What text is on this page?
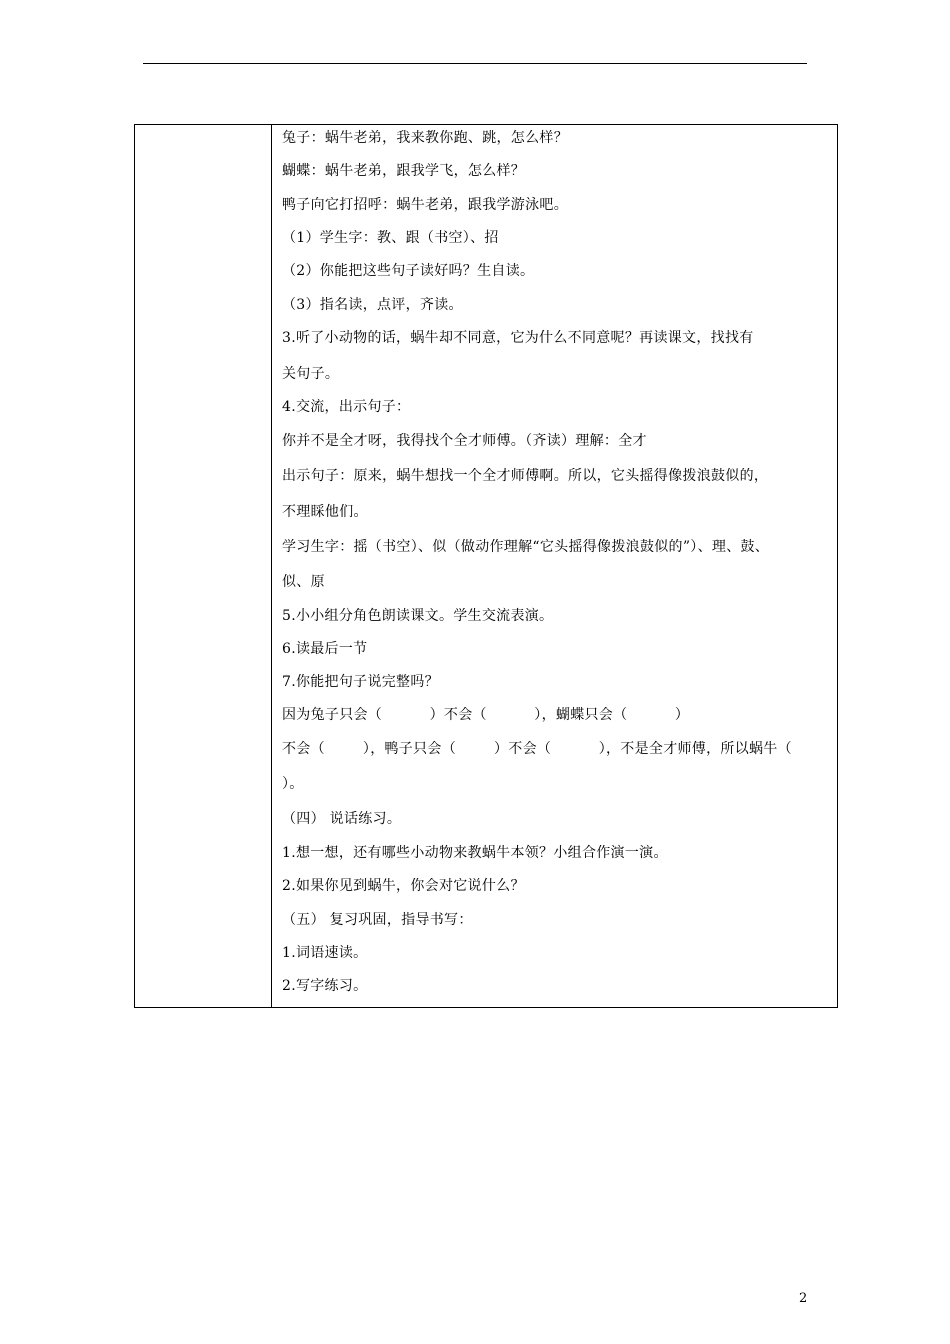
兔子：蜗牛老弟，我来教你跑、跳，怎么样？
蝴蝶：蜗牛老弟，跟我学飞，怎么样？
鸭子向它打招呼：蜗牛老弟，跟我学游泳吧。
（1）学生字：教、跟（书空）、招
（2）你能把这些句子读好吗？生自读。
（3）指名读，点评，齐读。
3.听了小动物的话，蜗牛却不同意，它为什么不同意呢？再读课文，找找有
关句子。
4.交流，出示句子：
你并不是全才呀，我得找个全才师傅。（齐读）理解：全才
出示句子：原来，蜗牛想找一个全才师傅啊。所以，它头摇得像拨浪鼓似的，
不理睬他们。
学习生字：摇（书空）、似（做动作理解“它头摇得像拨浪鼓似的”）、理、鼓、
似、原
5.小小组分角色朗读课文。学生交流表演。
6.读最后一节
7.你能把句子说完整吗？
因为兔子只会（          ）不会（          ），蝴蝶只会（          ）
不会（        ），鸭子只会（        ）不会（          ），不是全才师傅，所以蜗牛（
）。
（四） 说话练习。
1.想一想，还有哪些小动物来教蜗牛本领？小组合作演一演。
2.如果你见到蜗牛，你会对它说什么？
（五） 复习巩固，指导书写：
1.词语速读。
2.写字练习。
2
